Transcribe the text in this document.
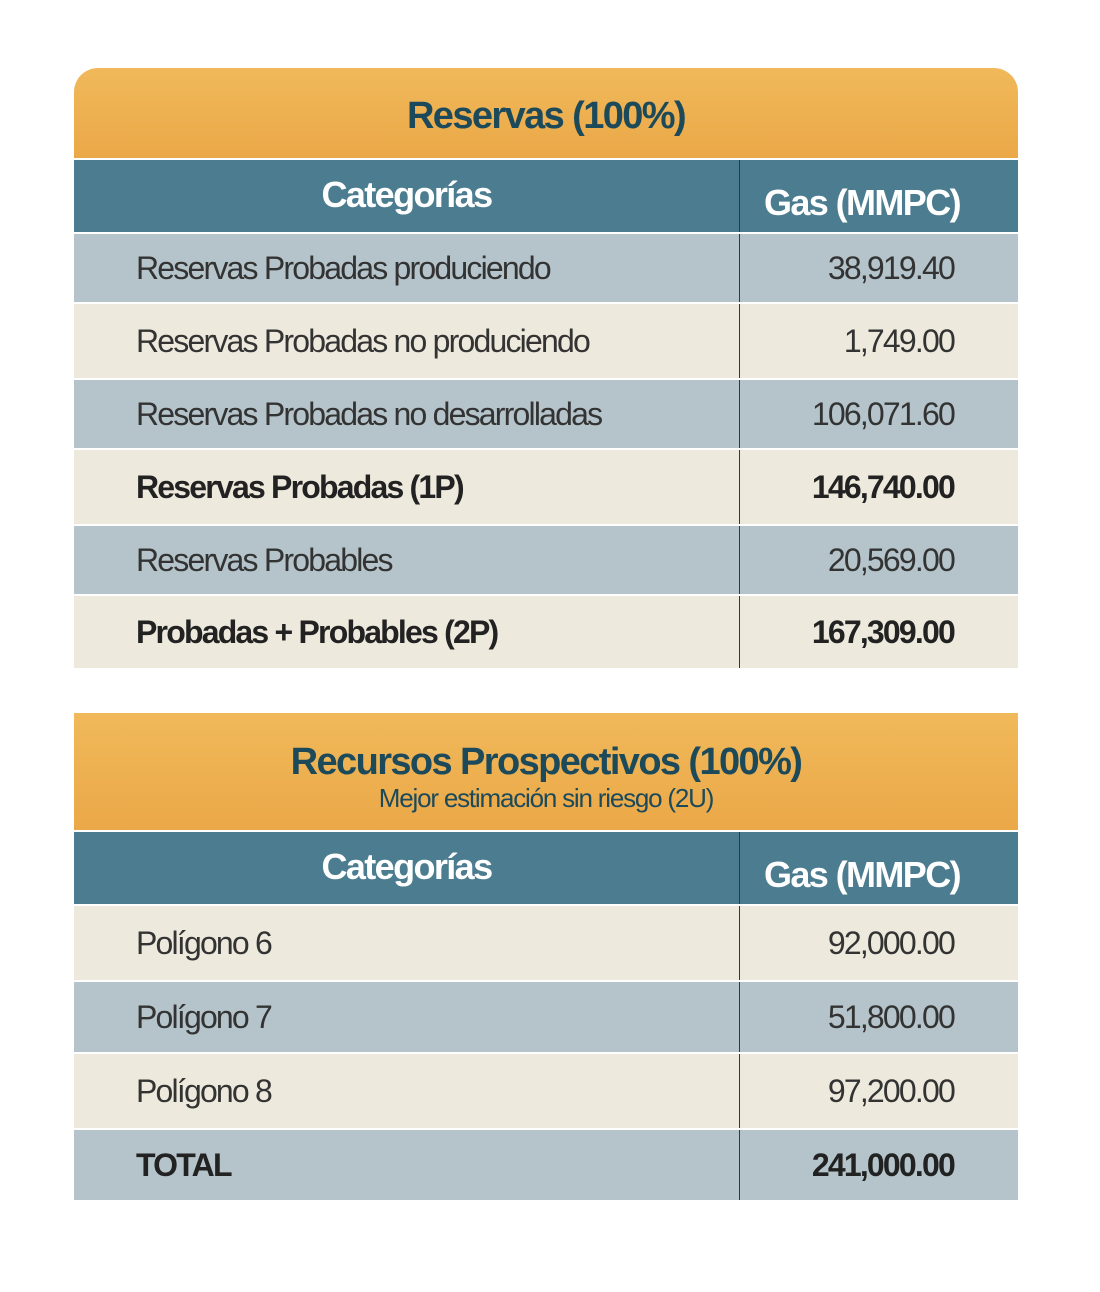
Reservas (100%)
Categorías	Gas (MMPC)
Reservas Probadas produciendo	38,919.40
Reservas Probadas no produciendo	1,749.00
Reservas Probadas no desarrolladas	106,071.60
Reservas Probadas (1P)	146,740.00
Reservas Probables	20,569.00
Probadas + Probables (2P)	167,309.00
Recursos Prospectivos (100%)
Mejor estimación sin riesgo (2U)
Categorías	Gas (MMPC)
Polígono 6	92,000.00
Polígono 7	51,800.00
Polígono 8	97,200.00
TOTAL	241,000.00
